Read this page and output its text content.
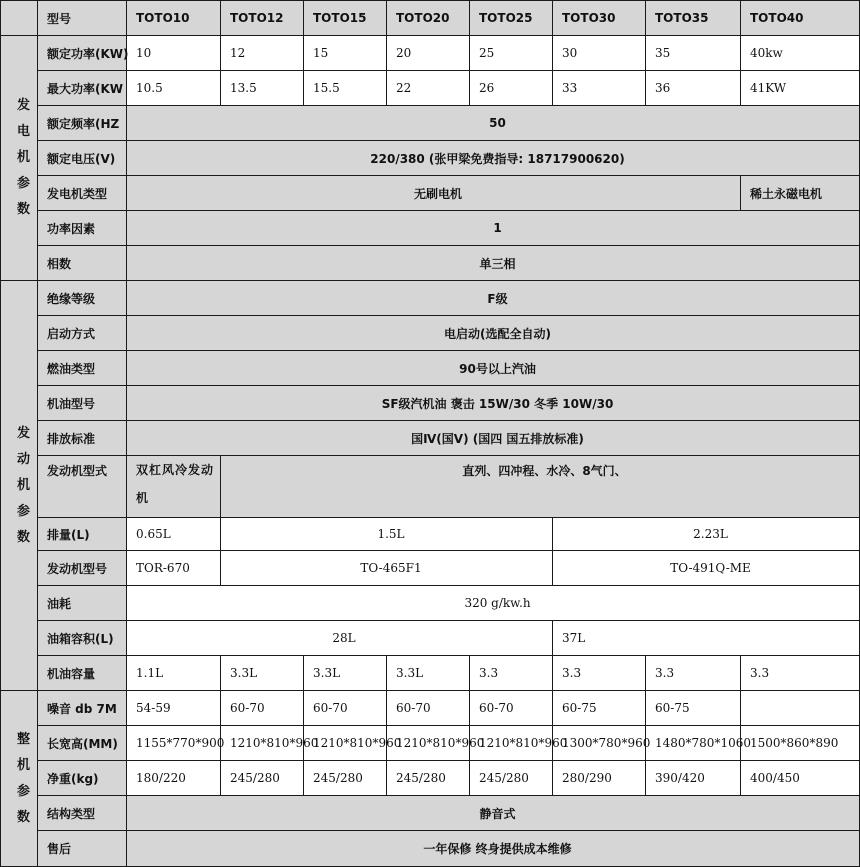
	型号	TOTO10	TOTO12	TOTO15	TOTO20	TOTO25	TOTO30	TOTO35	TOTO40
发电机参数	额定功率(KW)	10	12	15	20	25	30	35	40kw
	最大功率(KW	10.5	13.5	15.5	22	26	33	36	41KW
	额定频率(HZ	50							
	额定电压(V)	220/380 (张甲梁免费指导: 18717900620)							
	发电机类型	无刷电机							稀土永磁电机
	功率因素	1							
	相数	单三相							
发动机参数	绝缘等级	F级							
	启动方式	电启动(选配全自动)							
	燃油类型	90号以上汽油							
	机油型号	SF级汽机油 褒击 15W/30 冬季 10W/30							
	排放标准	国Ⅳ(国Ⅴ) (国四 国五排放标准)							
	发动机型式	双杠风冷发动机	直列、四冲程、水冷、8气门、						
	排量(L)	0.65L	1.5L				2.23L		
	发动机型号	TOR-670	TO-465F1				TO-491Q-ME		
	油耗	320 g/kw.h							
	油箱容积(L)	28L					37L		
	机油容量	1.1L	3.3L	3.3L	3.3L	3.3	3.3	3.3	3.3
整机参数	噪音 db 7M	54-59	60-70	60-70	60-70	60-70	60-75	60-75	
	长宽高(MM)	1155*770*900	1210*810*960	1210*810*960	1210*810*960	1210*810*960	1300*780*960	1480*780*1060	1500*860*890
	净重(kg)	180/220	245/280	245/280	245/280	245/280	280/290	390/420	400/450
	结构类型	静音式							
	售后	一年保修 终身提供成本维修							
